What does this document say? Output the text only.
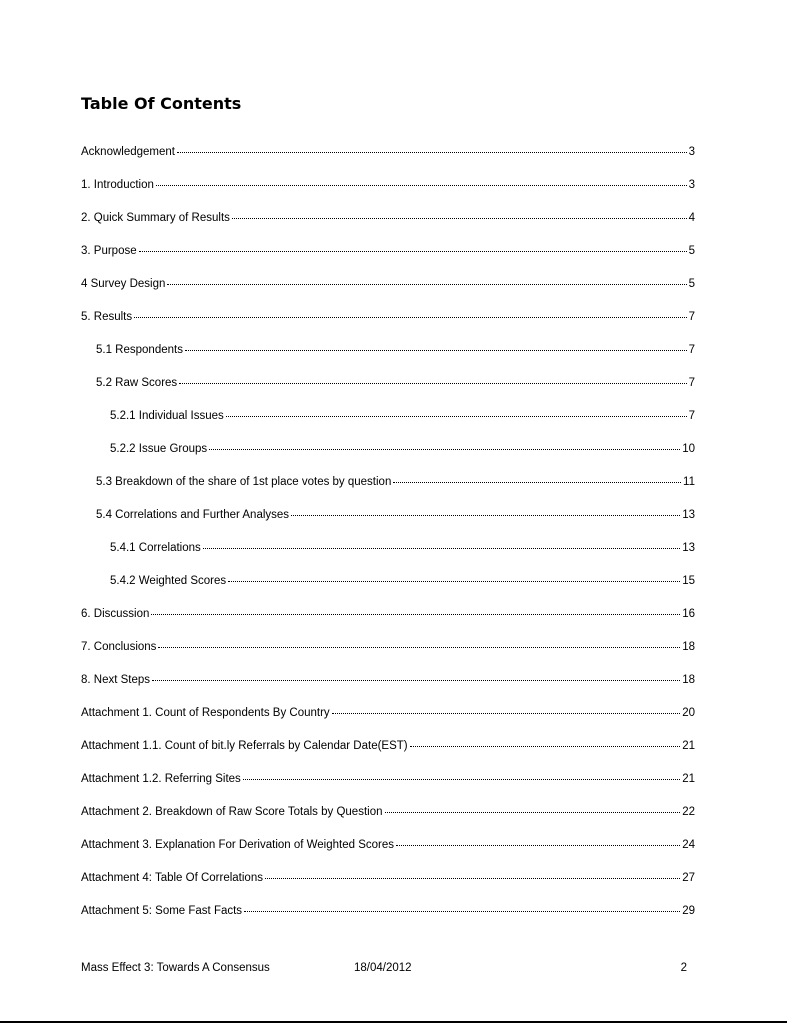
Table Of Contents
Acknowledgement	3
1. Introduction	3
2. Quick Summary of Results	4
3. Purpose	5
4 Survey Design	5
5. Results	7
5.1 Respondents	7
5.2 Raw Scores	7
5.2.1 Individual Issues	7
5.2.2 Issue Groups	10
5.3 Breakdown of the share of 1st place votes by question	11
5.4 Correlations and Further Analyses	13
5.4.1 Correlations	13
5.4.2 Weighted Scores	15
6. Discussion	16
7. Conclusions	18
8. Next Steps	18
Attachment 1. Count of Respondents By Country	20
Attachment 1.1. Count of bit.ly Referrals by Calendar Date(EST)	21
Attachment 1.2. Referring Sites	21
Attachment 2. Breakdown of Raw Score Totals by Question	22
Attachment 3. Explanation For Derivation of Weighted Scores	24
Attachment 4: Table Of Correlations	27
Attachment 5: Some Fast Facts	29
Mass Effect 3: Towards A Consensus	18/04/2012	2
